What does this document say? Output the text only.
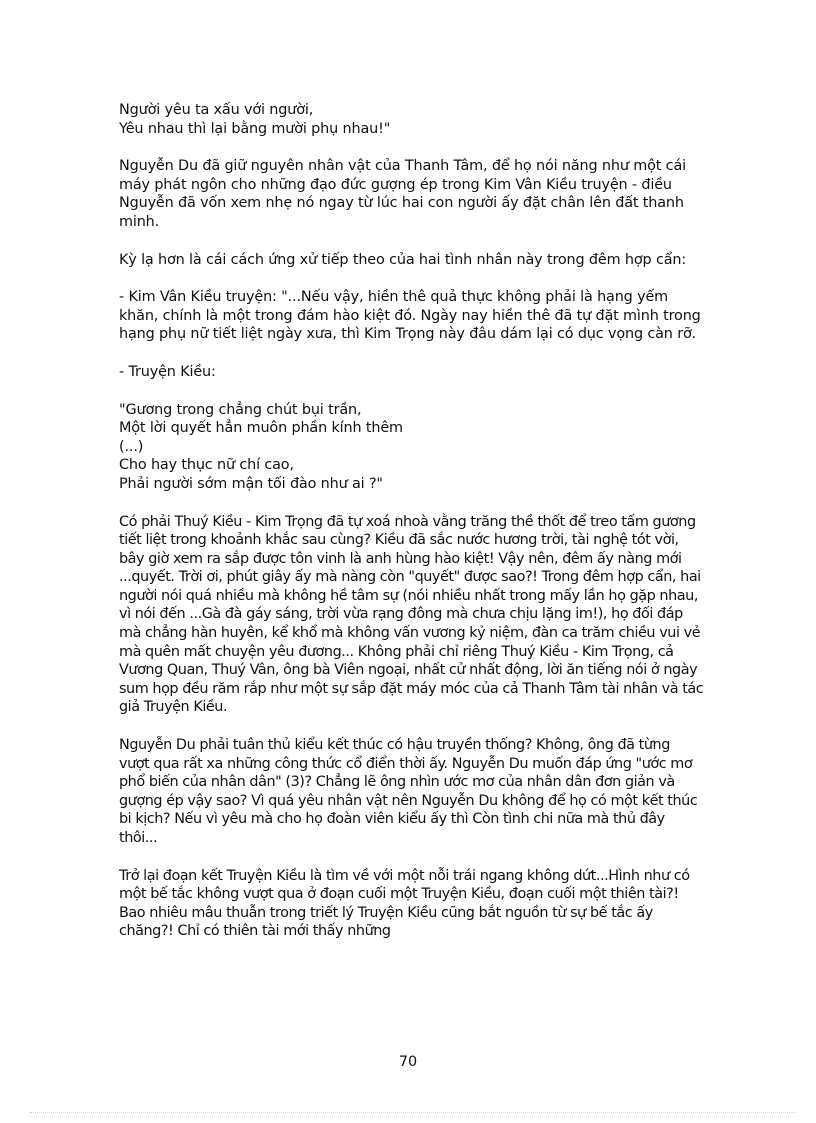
Người yêu ta xấu với người,
Yêu nhau thì lại bằng mười phụ nhau!"

Nguyễn Du đã giữ nguyên nhân vật của Thanh Tâm, để họ nói năng như một cái máy phát ngôn cho những đạo đức gượng ép trong Kim Vân Kiều truyện - điều Nguyễn đã vốn xem nhẹ nó ngay từ lúc hai con người ấy đặt chân lên đất thanh minh.

Kỳ lạ hơn là cái cách ứng xử tiếp theo của hai tình nhân này trong đêm hợp cẩn:

- Kim Vân Kiều truyện: "...Nếu vậy, hiền thê quả thực không phải là hạng yếm khăn, chính là một trong đám hào kiệt đó. Ngày nay hiền thê đã tự đặt mình trong hạng phụ nữ tiết liệt ngày xưa, thì Kim Trọng này đâu dám lại có dục vọng càn rỡ.

- Truyện Kiều:

"Gương trong chẳng chút bụi trần,
Một lời quyết hẳn muôn phần kính thêm
(...)
Cho hay thục nữ chí cao,
Phải người sớm mận tối đào như ai ?"

Có phải Thuý Kiều - Kim Trọng đã tự xoá nhoà vằng trăng thề thốt để treo tấm gương tiết liệt trong khoảnh khắc sau cùng? Kiều đã sắc nước hương trời, tài nghệ tót vời, bây giờ xem ra sắp được tôn vinh là anh hùng hào kiệt! Vậy nên, đêm ấy nàng mới ...quyết. Trời ơi, phút giây ấy mà nàng còn "quyết" được sao?! Trong đêm hợp cẩn, hai người nói quá nhiều mà không hề tâm sự (nói nhiều nhất trong mấy lần họ gặp nhau, vì nói đến ...Gà đà gáy sáng, trời vừa rạng đông mà chưa chịu lặng im!), họ đối đáp mà chẳng hàn huyên, kể khổ mà không vấn vương kỷ niệm, đàn ca trăm chiều vui vẻ mà quên mất chuyện yêu đương... Không phải chỉ riêng Thuý Kiều - Kim Trọng, cả Vương Quan, Thuý Vân, ông bà Viên ngoại, nhất cử nhất động, lời ăn tiếng nói ở ngày sum họp đều răm rắp như một sự sắp đặt máy móc của cả Thanh Tâm tài nhân và tác giả Truyện Kiều.

Nguyễn Du phải tuân thủ kiểu kết thúc có hậu truyền thống? Không, ông đã từng vượt qua rất xa những công thức cổ điển thời ấy. Nguyễn Du muốn đáp ứng "ước mơ phổ biến của nhân dân" (3)? Chẳng lẽ ông nhìn ước mơ của nhân dân đơn giản và gượng ép vậy sao? Vì quá yêu nhân vật nên Nguyễn Du không để họ có một kết thúc bi kịch? Nếu vì yêu mà cho họ đoàn viên kiểu ấy thì Còn tình chi nữa mà thủ đây thôi...

Trở lại đoạn kết Truyện Kiều là tìm về với một nỗi trái ngang không dứt...Hình như có một bế tắc không vượt qua ở đoạn cuối một Truyện Kiều, đoạn cuối một thiên tài?! Bao nhiêu mâu thuẫn trong triết lý Truyện Kiều cũng bắt nguồn từ sự bế tắc ấy chăng?! Chỉ có thiên tài mới thấy những

70
